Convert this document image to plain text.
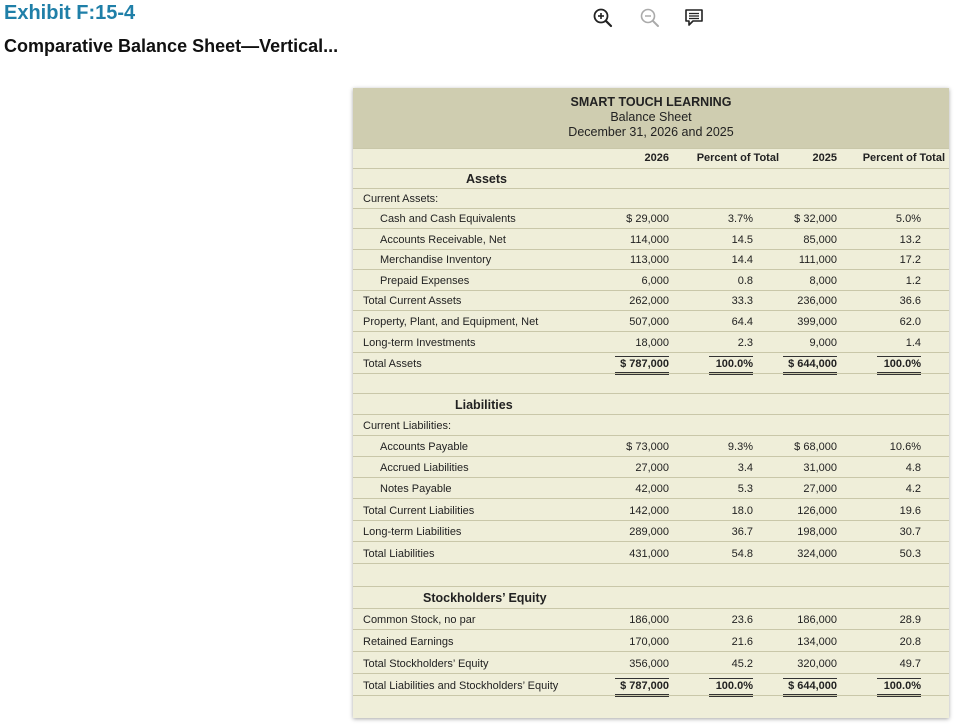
Exhibit F:15-4
Comparative Balance Sheet—Vertical...
SMART TOUCH LEARNING
Balance Sheet
December 31, 2026 and 2025
2026	Percent of Total	2025	Percent of Total
Assets
Liabilities
Stockholders’ Equity
Current Assets:
Cash and Cash Equivalents	$ 29,000	3.7%	$ 32,000	5.0%
Accounts Receivable, Net	114,000	14.5	85,000	13.2
Merchandise Inventory	113,000	14.4	111,000	17.2
Prepaid Expenses	6,000	0.8	8,000	1.2
Total Current Assets	262,000	33.3	236,000	36.6
Property, Plant, and Equipment, Net	507,000	64.4	399,000	62.0
Long-term Investments	18,000	2.3	9,000	1.4
Total Assets	$ 787,000	100.0%	$ 644,000	100.0%
Current Liabilities:
Accounts Payable	$ 73,000	9.3%	$ 68,000	10.6%
Accrued Liabilities	27,000	3.4	31,000	4.8
Notes Payable	42,000	5.3	27,000	4.2
Total Current Liabilities	142,000	18.0	126,000	19.6
Long-term Liabilities	289,000	36.7	198,000	30.7
Total Liabilities	431,000	54.8	324,000	50.3
Common Stock, no par	186,000	23.6	186,000	28.9
Retained Earnings	170,000	21.6	134,000	20.8
Total Stockholders’ Equity	356,000	45.2	320,000	49.7
Total Liabilities and Stockholders’ Equity	$ 787,000	100.0%	$ 644,000	100.0%
